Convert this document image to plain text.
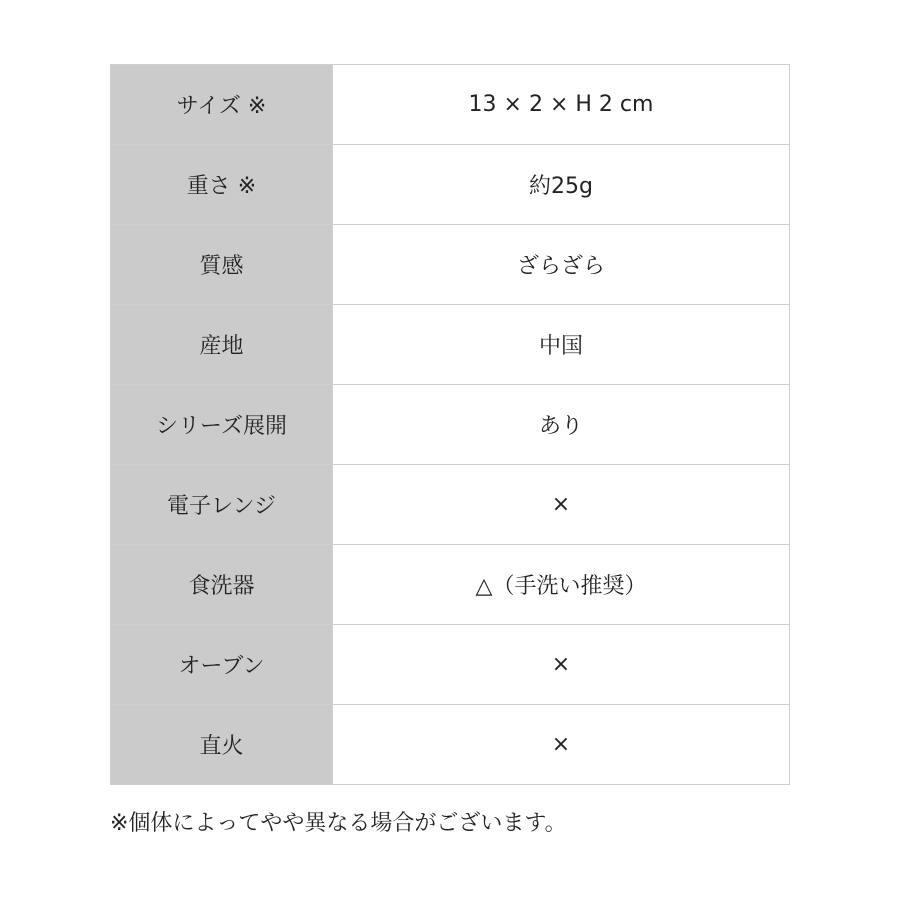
サイズ ※	13 × 2 × H 2 cm
重さ ※	約25g
質感	ざらざら
産地	中国
シリーズ展開	あり
電子レンジ	×
食洗器	△（手洗い推奨）
オーブン	×
直火	×
※個体によってやや異なる場合がございます。
